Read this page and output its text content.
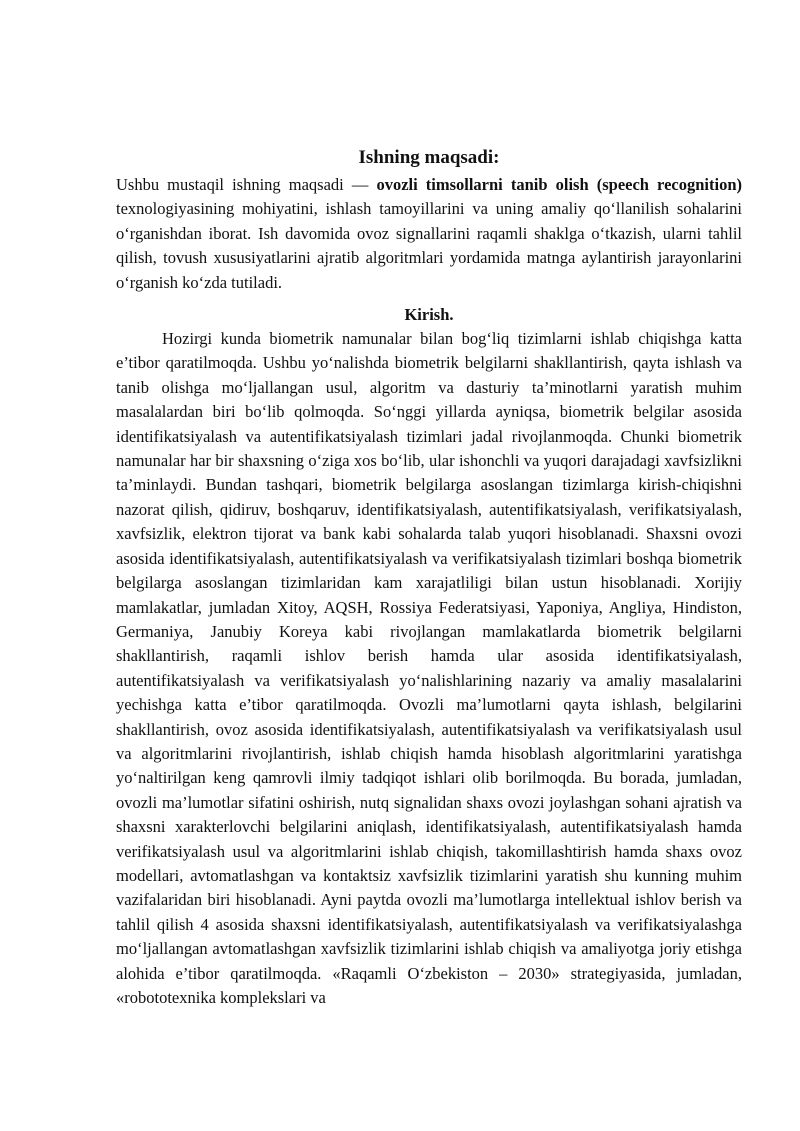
Ishning maqsadi:

Ushbu mustaqil ishning maqsadi — ovozli timsollarni tanib olish (speech recognition) texnologiyasining mohiyatini, ishlash tamoyillarini va uning amaliy qo‘llanilish sohalarini o‘rganishdan iborat. Ish davomida ovoz signallarini raqamli shaklga o‘tkazish, ularni tahlil qilish, tovush xususiyatlarini ajratib algoritmlari yordamida matnga aylantirish jarayonlarini o‘rganish ko‘zda tutiladi.

Kirish.

Hozirgi kunda biometrik namunalar bilan bog‘liq tizimlarni ishlab chiqishga katta e’tibor qaratilmoqda. Ushbu yo‘nalishda biometrik belgilarni shakllantirish, qayta ishlash va tanib olishga mo‘ljallangan usul, algoritm va dasturiy ta’minotlarni yaratish muhim masalalardan biri bo‘lib qolmoqda. So‘nggi yillarda ayniqsa, biometrik belgilar asosida identifikatsiyalash va autentifikatsiyalash tizimlari jadal rivojlanmoqda. Chunki biometrik namunalar har bir shaxsning o‘ziga xos bo‘lib, ular ishonchli va yuqori darajadagi xavfsizlikni ta’minlaydi. Bundan tashqari, biometrik belgilarga asoslangan tizimlarga kirish-chiqishni nazorat qilish, qidiruv, boshqaruv, identifikatsiyalash, autentifikatsiyalash, verifikatsiyalash, xavfsizlik, elektron tijorat va bank kabi sohalarda talab yuqori hisoblanadi. Shaxsni ovozi asosida identifikatsiyalash, autentifikatsiyalash va verifikatsiyalash tizimlari boshqa biometrik belgilarga asoslangan tizimlaridan kam xarajatliligi bilan ustun hisoblanadi. Xorijiy mamlakatlar, jumladan Xitoy, AQSH, Rossiya Federatsiyasi, Yaponiya, Angliya, Hindiston, Germaniya, Janubiy Koreya kabi rivojlangan mamlakatlarda biometrik belgilarni shakllantirish, raqamli ishlov berish hamda ular asosida identifikatsiyalash, autentifikatsiyalash va verifikatsiyalash yo‘nalishlarining nazariy va amaliy masalalarini yechishga katta e’tibor qaratilmoqda. Ovozli ma’lumotlarni qayta ishlash, belgilarini shakllantirish, ovoz asosida identifikatsiyalash, autentifikatsiyalash va verifikatsiyalash usul va algoritmlarini rivojlantirish, ishlab chiqish hamda hisoblash algoritmlarini yaratishga yo‘naltirilgan keng qamrovli ilmiy tadqiqot ishlari olib borilmoqda. Bu borada, jumladan, ovozli ma’lumotlar sifatini oshirish, nutq signalidan shaxs ovozi joylashgan sohani ajratish va shaxsni xarakterlovchi belgilarini aniqlash, identifikatsiyalash, autentifikatsiyalash hamda verifikatsiyalash usul va algoritmlarini ishlab chiqish, takomillashtirish hamda shaxs ovoz modellari, avtomatlashgan va kontaktsiz xavfsizlik tizimlarini yaratish shu kunning muhim vazifalaridan biri hisoblanadi. Ayni paytda ovozli ma’lumotlarga intellektual ishlov berish va tahlil qilish 4 asosida shaxsni identifikatsiyalash, autentifikatsiyalash va verifikatsiyalashga mo‘ljallangan avtomatlashgan xavfsizlik tizimlarini ishlab chiqish va amaliyotga joriy etishga alohida e’tibor qaratilmoqda. «Raqamli O‘zbekiston – 2030» strategiyasida, jumladan, «robototexnika komplekslari va
